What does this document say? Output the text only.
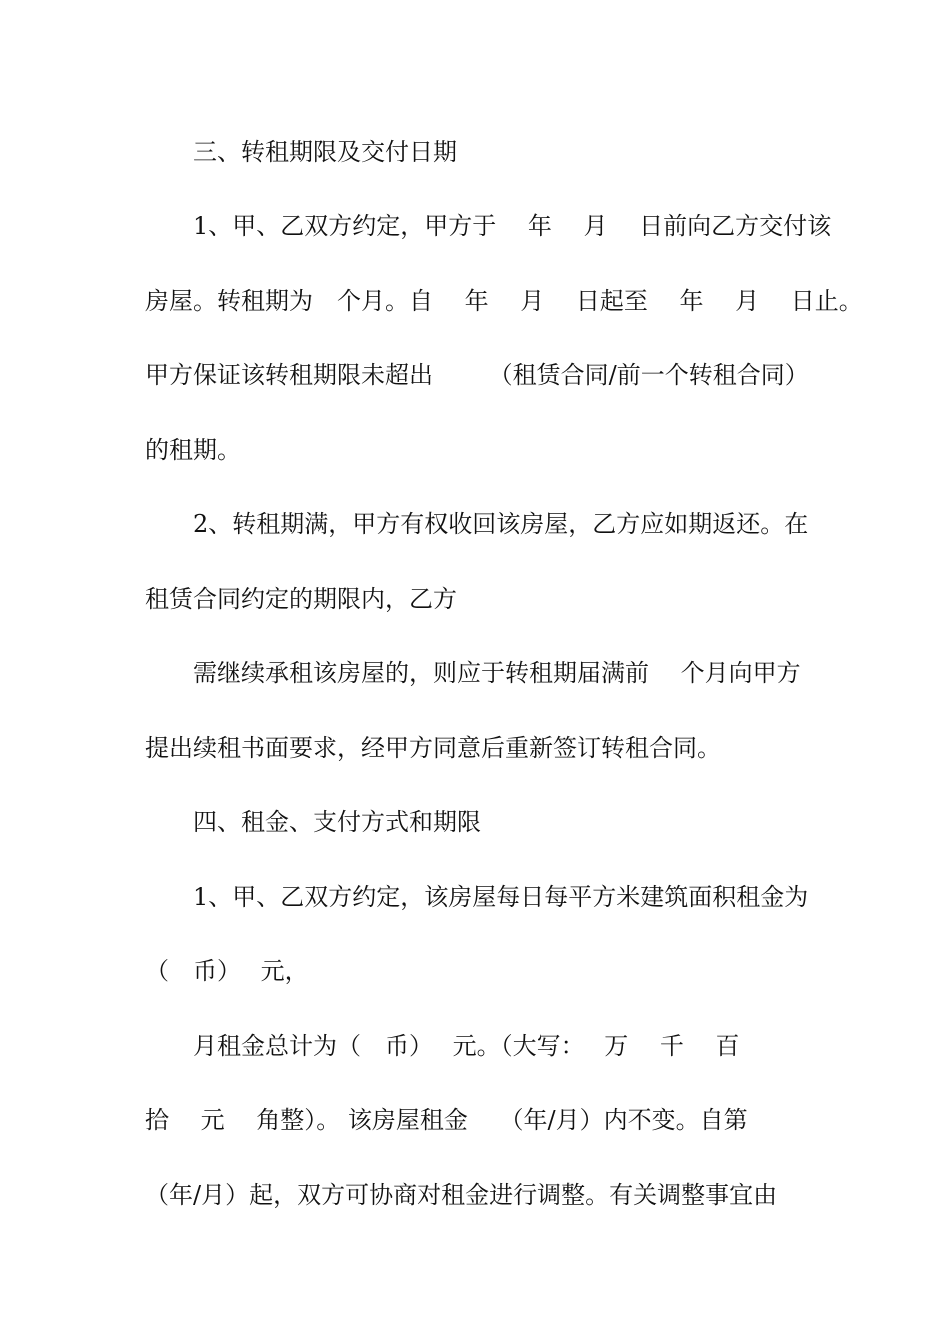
三、转租期限及交付日期
1、甲、乙双方约定，甲方于　 年　 月　 日前向乙方交付该
房屋。转租期为　个月。自　 年　 月　 日起至　 年　 月　 日止。
甲方保证该转租期限未超出　　 （租赁合同/前一个转租合同）
的租期。
2、转租期满，甲方有权收回该房屋，乙方应如期返还。在
租赁合同约定的期限内，乙方
需继续承租该房屋的，则应于转租期届满前　 个月向甲方
提出续租书面要求，经甲方同意后重新签订转租合同。
四、租金、支付方式和期限
1、甲、乙双方约定，该房屋每日每平方米建筑面积租金为
（　币）　 元，
月租金总计为（　币）　 元。（大写：　 万　 千　 百
拾　 元　 角整）。 该房屋租金　 （年/月）内不变。自第
（年/月）起，双方可协商对租金进行调整。有关调整事宜由
